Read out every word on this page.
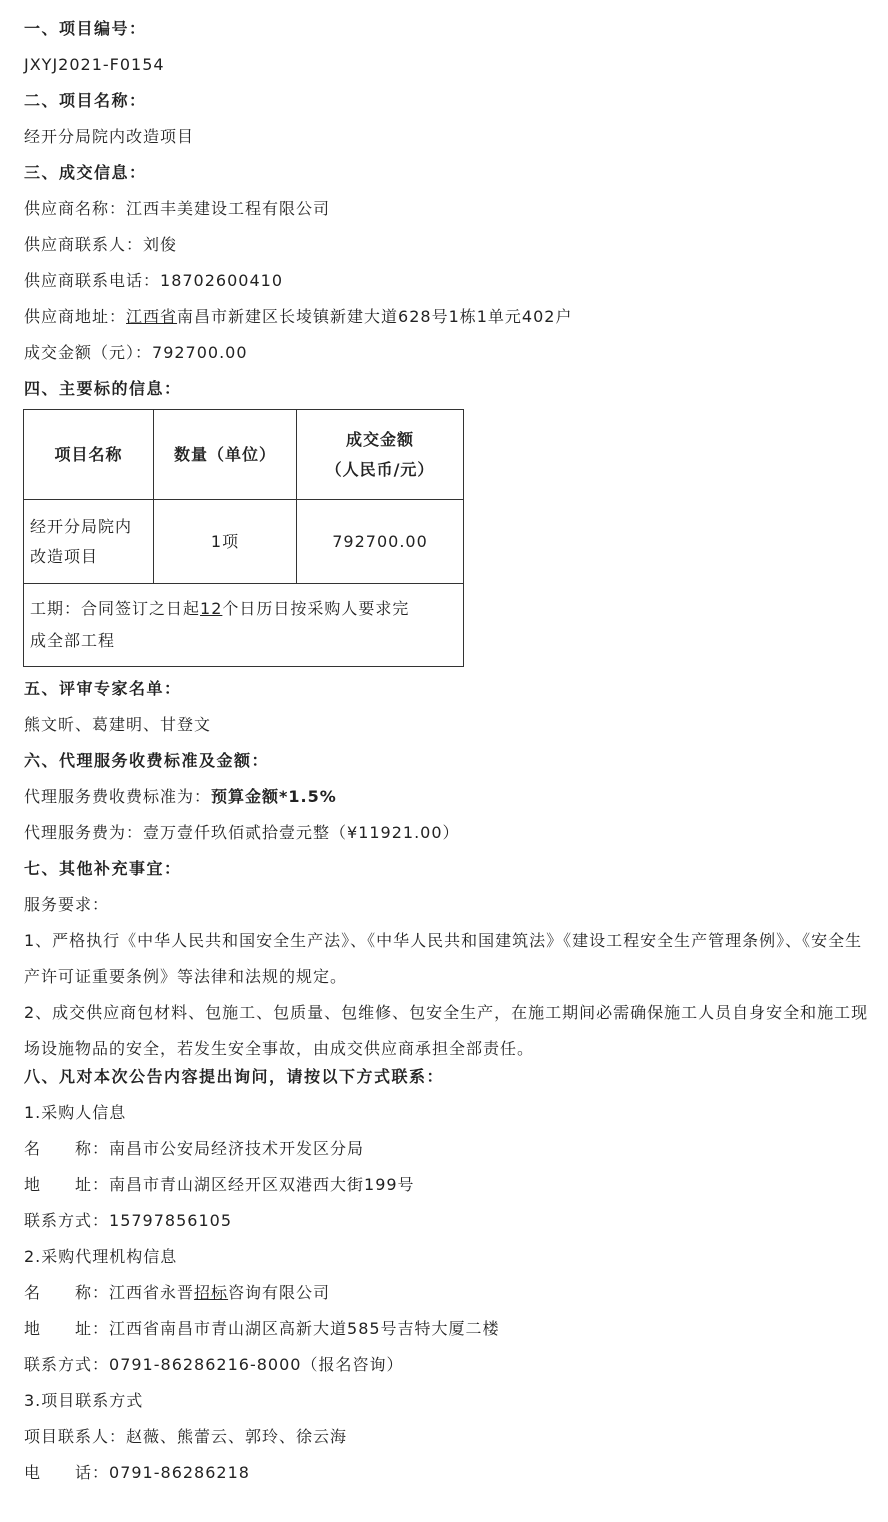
一、项目编号：
JXYJ2021-F0154
二、项目名称：
经开分局院内改造项目
三、成交信息：
供应商名称：江西丰美建设工程有限公司
供应商联系人：刘俊
供应商联系电话：18702600410
供应商地址：江西省南昌市新建区长堎镇新建大道628号1栋1单元402户
成交金额（元）：792700.00
四、主要标的信息：
项目名称	数量（单位）
成交金额
（人民币/元）
经开分局院内
改造项目
1项	792700.00
工期：合同签订之日起12个日历日按采购人要求完
成全部工程
五、评审专家名单：
熊文昕、葛建明、甘登文
六、代理服务收费标准及金额：
代理服务费收费标准为：预算金额*1.5%
代理服务费为：壹万壹仟玖佰贰拾壹元整（¥11921.00）
七、其他补充事宜：
服务要求：
1、严格执行《中华人民共和国安全生产法》、《中华人民共和国建筑法》《建设工程安全生产管理条例》、《安全生产许可证重要条例》等法律和法规的规定。
2、成交供应商包材料、包施工、包质量、包维修、包安全生产，在施工期间必需确保施工人员自身安全和施工现场设施物品的安全，若发生安全事故，由成交供应商承担全部责任。
八、凡对本次公告内容提出询问，请按以下方式联系：
1.采购人信息
名　　称：南昌市公安局经济技术开发区分局
地　　址：南昌市青山湖区经开区双港西大街199号
联系方式：15797856105
2.采购代理机构信息
名　　称：江西省永晋招标咨询有限公司
地　　址：江西省南昌市青山湖区高新大道585号吉特大厦二楼
联系方式：0791-86286216-8000（报名咨询）
3.项目联系方式
项目联系人：赵薇、熊蕾云、郭玲、徐云海
电　　话：0791-86286218
